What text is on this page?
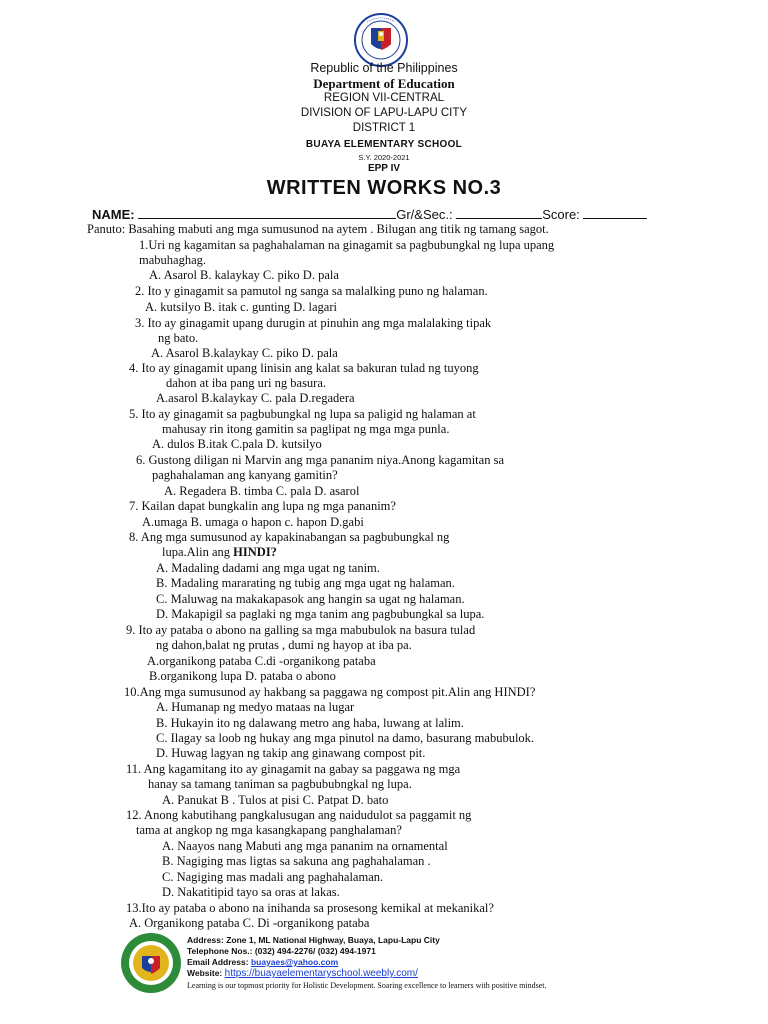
Republic of the Philippines
Department of Education
REGION VII-CENTRAL
DIVISION OF LAPU-LAPU CITY
DISTRICT 1
BUAYA ELEMENTARY SCHOOL
S.Y. 2020-2021
EPP IV
WRITTEN WORKS NO.3
NAME:	Gr/&Sec.:	Score:
Panuto: Basahing mabuti ang mga sumusunod na aytem . Bilugan ang titik ng tamang sagot.
1.Uri ng kagamitan sa paghahalaman na ginagamit sa pagbubungkal ng lupa upang
mabuhaghag.
A. Asarol B. kalaykay C. piko D. pala
2. Ito y ginagamit sa pamutol ng sanga sa malalking puno ng halaman.
A. kutsilyo B. itak c. gunting D. lagari
3. Ito ay ginagamit upang durugin at pinuhin ang mga malalaking tipak
ng bato.
A. Asarol B.kalaykay C. piko D. pala
4. Ito ay ginagamit upang linisin ang kalat sa bakuran tulad ng tuyong
dahon at iba pang uri ng basura.
A.asarol B.kalaykay C. pala D.regadera
5. Ito ay ginagamit sa pagbubungkal ng lupa sa paligid ng halaman at
mahusay rin itong gamitin sa paglipat ng mga mga punla.
A. dulos B.itak C.pala D. kutsilyo
6. Gustong diligan ni Marvin ang mga pananim niya.Anong kagamitan sa
paghahalaman ang kanyang gamitin?
A. Regadera B. timba C. pala D. asarol
7. Kailan dapat bungkalin ang lupa ng mga pananim?
A.umaga B. umaga o hapon c. hapon D.gabi
8. Ang mga sumusunod ay kapakinabangan sa pagbubungkal ng
lupa.Alin ang HINDI?
A. Madaling dadami ang mga ugat ng tanim.
B. Madaling mararating ng tubig ang mga ugat ng halaman.
C. Maluwag na makakapasok ang hangin sa ugat ng halaman.
D. Makapigil sa paglaki ng mga tanim ang pagbubungkal sa lupa.
9. Ito ay pataba o abono na galling sa mga mabubulok na basura tulad
ng dahon,balat ng prutas , dumi ng hayop at iba pa.
A.organikong pataba C.di -organikong pataba
B.organikong lupa D. pataba o abono
10.Ang mga sumusunod ay hakbang sa paggawa ng compost pit.Alin ang HINDI?
A. Humanap ng medyo mataas na lugar
B. Hukayin ito ng dalawang metro ang haba, luwang at lalim.
C. Ilagay sa loob ng hukay ang mga pinutol na damo, basurang mabubulok.
D. Huwag lagyan ng takip ang ginawang compost pit.
11. Ang kagamitang ito ay ginagamit na gabay sa paggawa ng mga
hanay sa tamang taniman sa pagbububngkal ng lupa.
A. Panukat B . Tulos at pisi C. Patpat D. bato
12. Anong kabutihang pangkalusugan ang naidudulot sa paggamit ng
tama at angkop ng mga kasangkapang panghalaman?
A. Naayos nang Mabuti ang mga pananim na ornamental
B. Nagiging mas ligtas sa sakuna ang paghahalaman .
C. Nagiging mas madali ang paghahalaman.
D. Nakatitipid tayo sa oras at lakas.
13.Ito ay pataba o abono na inihanda sa prosesong kemikal at mekanikal?
A. Organikong pataba C. Di -organikong pataba
Address: Zone 1, ML National Highway, Buaya, Lapu-Lapu City
Telephone Nos.: (032) 494-2276/ (032) 494-1971
Email Address: buayaes@yahoo.com
Website: https://buayaelementaryschool.weebly.com/
Learning is our topmost priority for Holistic Development. Soaring excellence to learners with positive mindset.
